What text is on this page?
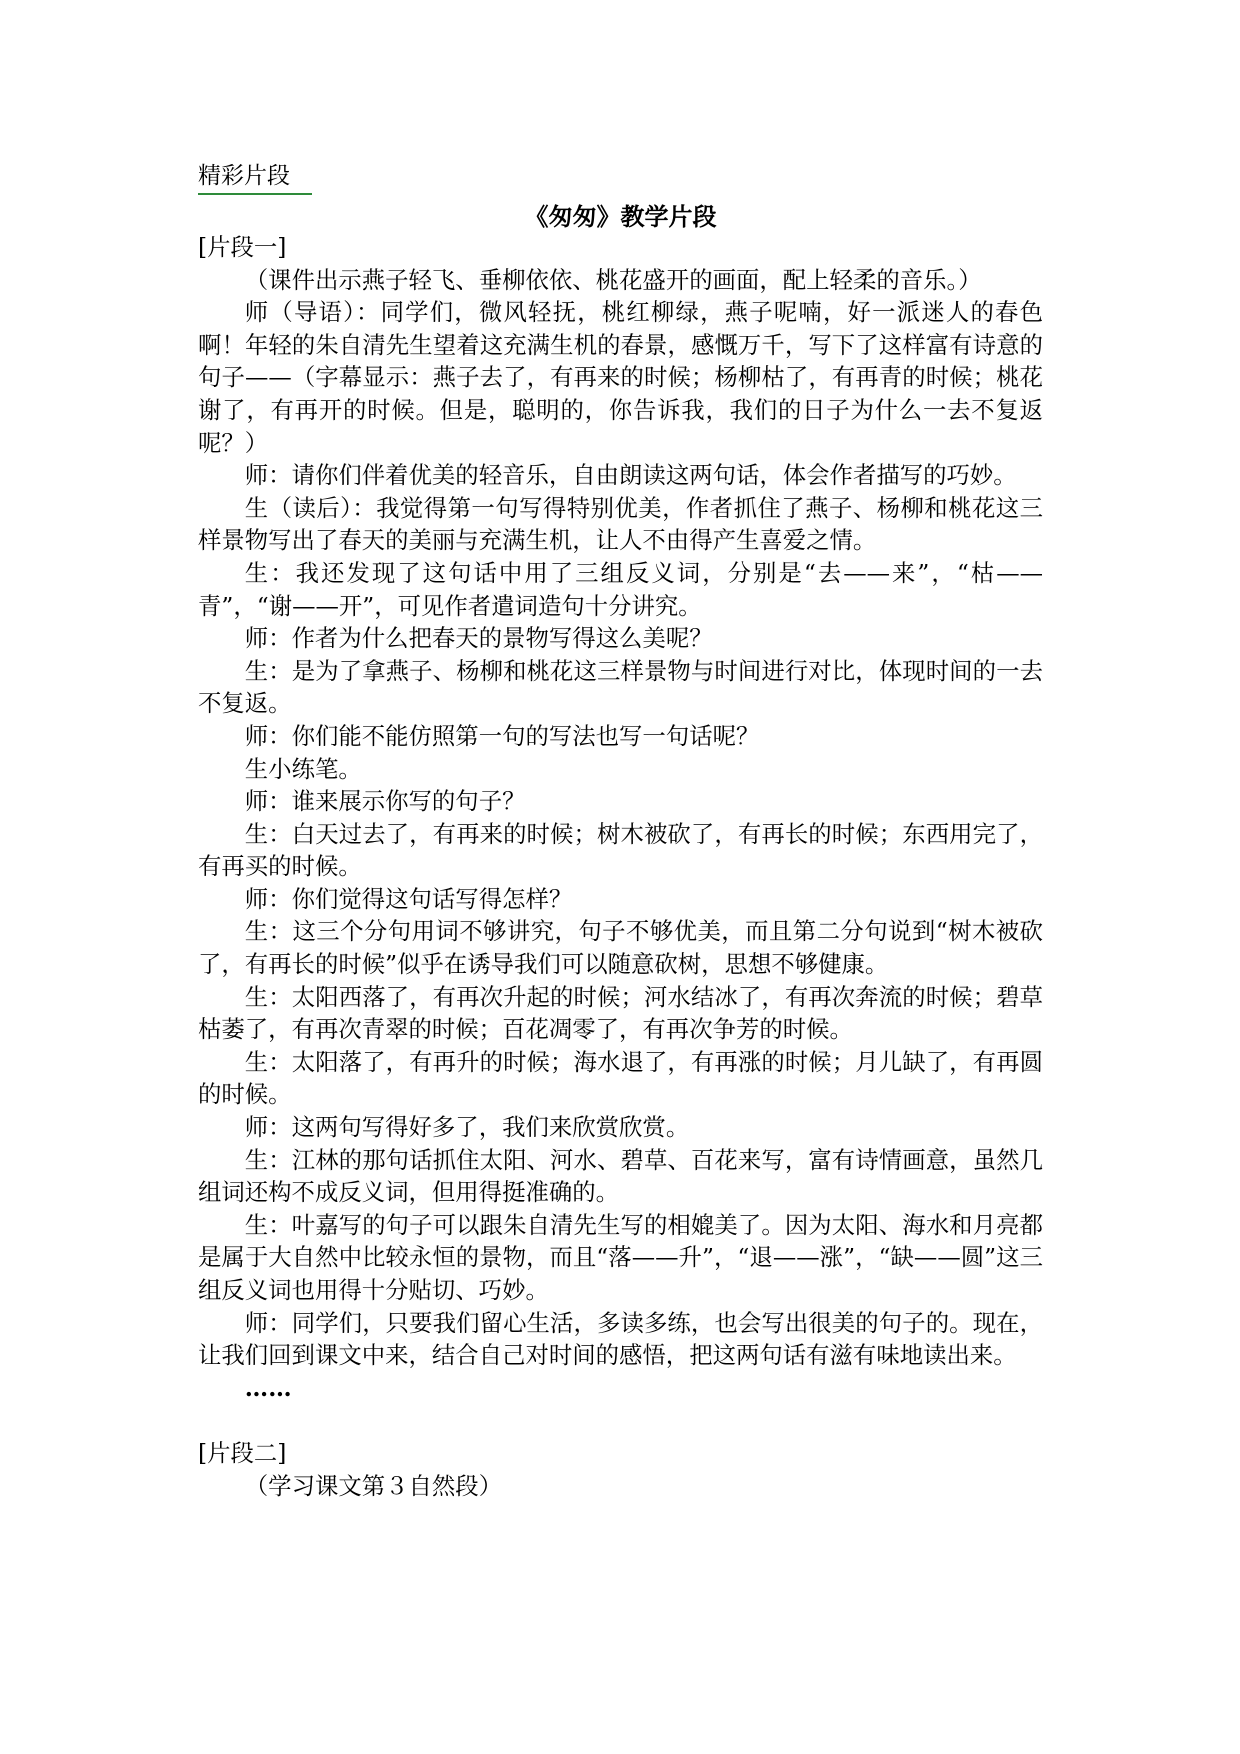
精彩片段
《匆匆》教学片段

[片段一]

（课件出示燕子轻飞、垂柳依依、桃花盛开的画面，配上轻柔的音乐。）

师（导语）：同学们，微风轻抚，桃红柳绿，燕子呢喃，好一派迷人的春色啊！年轻的朱自清先生望着这充满生机的春景，感慨万千，写下了这样富有诗意的句子——（字幕显示：燕子去了，有再来的时候；杨柳枯了，有再青的时候；桃花谢了，有再开的时候。但是，聪明的，你告诉我，我们的日子为什么一去不复返呢？）

师：请你们伴着优美的轻音乐，自由朗读这两句话，体会作者描写的巧妙。

生（读后）：我觉得第一句写得特别优美，作者抓住了燕子、杨柳和桃花这三样景物写出了春天的美丽与充满生机，让人不由得产生喜爱之情。

生：我还发现了这句话中用了三组反义词，分别是“去——来”，“枯——青”，“谢——开”，可见作者遣词造句十分讲究。

师：作者为什么把春天的景物写得这么美呢？

生：是为了拿燕子、杨柳和桃花这三样景物与时间进行对比，体现时间的一去不复返。

师：你们能不能仿照第一句的写法也写一句话呢？

生小练笔。

师：谁来展示你写的句子？

生：白天过去了，有再来的时候；树木被砍了，有再长的时候；东西用完了，有再买的时候。

师：你们觉得这句话写得怎样？

生：这三个分句用词不够讲究，句子不够优美，而且第二分句说到“树木被砍了，有再长的时候”似乎在诱导我们可以随意砍树，思想不够健康。

生：太阳西落了，有再次升起的时候；河水结冰了，有再次奔流的时候；碧草枯萎了，有再次青翠的时候；百花凋零了，有再次争芳的时候。

生：太阳落了，有再升的时候；海水退了，有再涨的时候；月儿缺了，有再圆的时候。

师：这两句写得好多了，我们来欣赏欣赏。

生：江林的那句话抓住太阳、河水、碧草、百花来写，富有诗情画意，虽然几组词还构不成反义词，但用得挺准确的。

生：叶嘉写的句子可以跟朱自清先生写的相媲美了。因为太阳、海水和月亮都是属于大自然中比较永恒的景物，而且“落——升”，“退——涨”，“缺——圆”这三组反义词也用得十分贴切、巧妙。

师：同学们，只要我们留心生活，多读多练，也会写出很美的句子的。现在，让我们回到课文中来，结合自己对时间的感悟，把这两句话有滋有味地读出来。

……

[片段二]

（学习课文第３自然段）
